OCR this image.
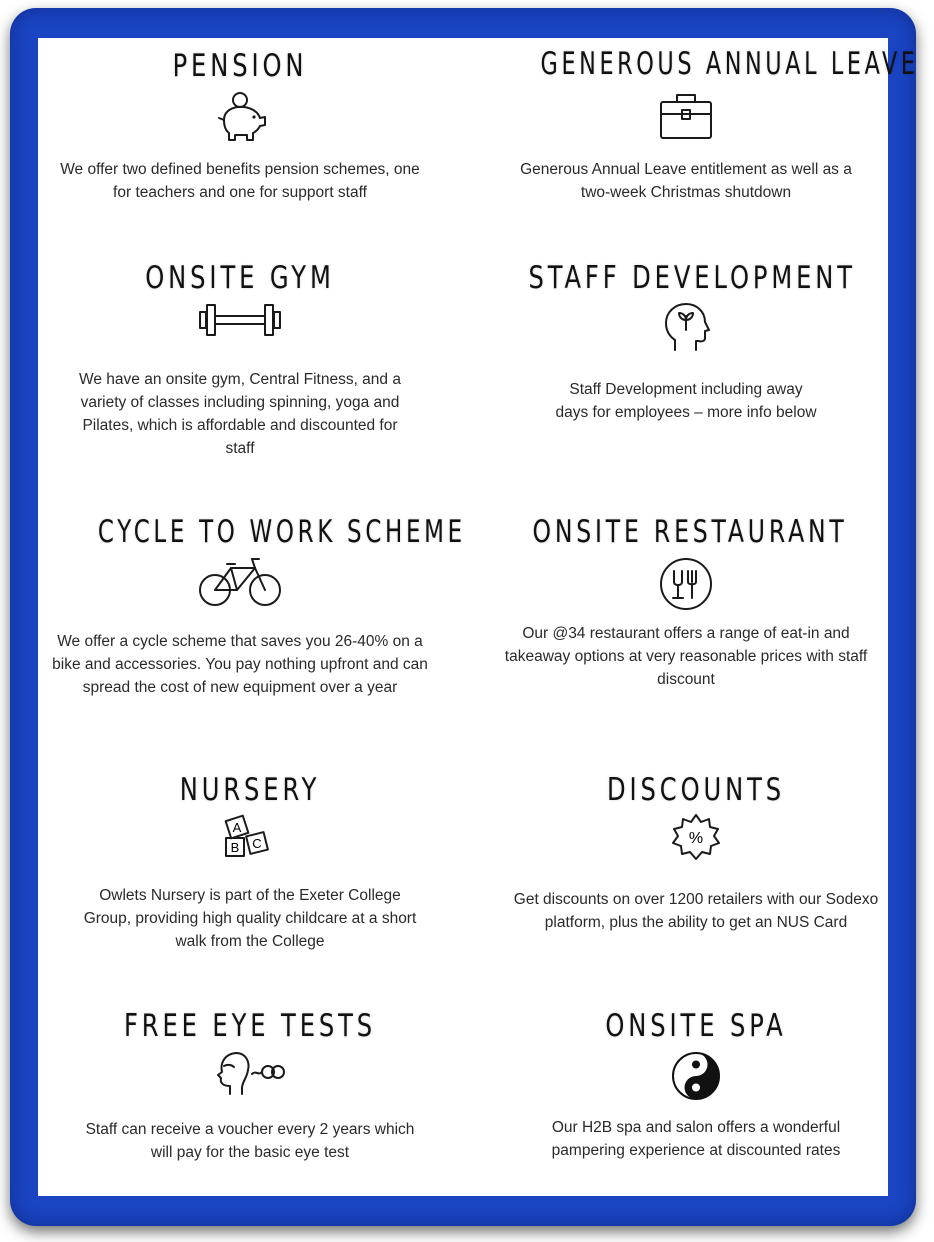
PENSION

We offer two defined benefits pension schemes, one for teachers and one for support staff

GENEROUS ANNUAL LEAVE

Generous Annual Leave entitlement as well as a two-week Christmas shutdown

ONSITE GYM

We have an onsite gym, Central Fitness, and a variety of classes including spinning, yoga and Pilates, which is affordable and discounted for staff

STAFF DEVELOPMENT

Staff Development including away days for employees – more info below

CYCLE TO WORK SCHEME

We offer a cycle scheme that saves you 26-40% on a bike and accessories. You pay nothing upfront and can spread the cost of new equipment over a year

ONSITE RESTAURANT

Our @34 restaurant offers a range of eat-in and takeaway options at very reasonable prices with staff discount

NURSERY
A
B C

Owlets Nursery is part of the Exeter College Group, providing high quality childcare at a short walk from the College

DISCOUNTS
%

Get discounts on over 1200 retailers with our Sodexo platform, plus the ability to get an NUS Card

FREE EYE TESTS

Staff can receive a voucher every 2 years which will pay for the basic eye test

ONSITE SPA

Our H2B spa and salon offers a wonderful pampering experience at discounted rates
